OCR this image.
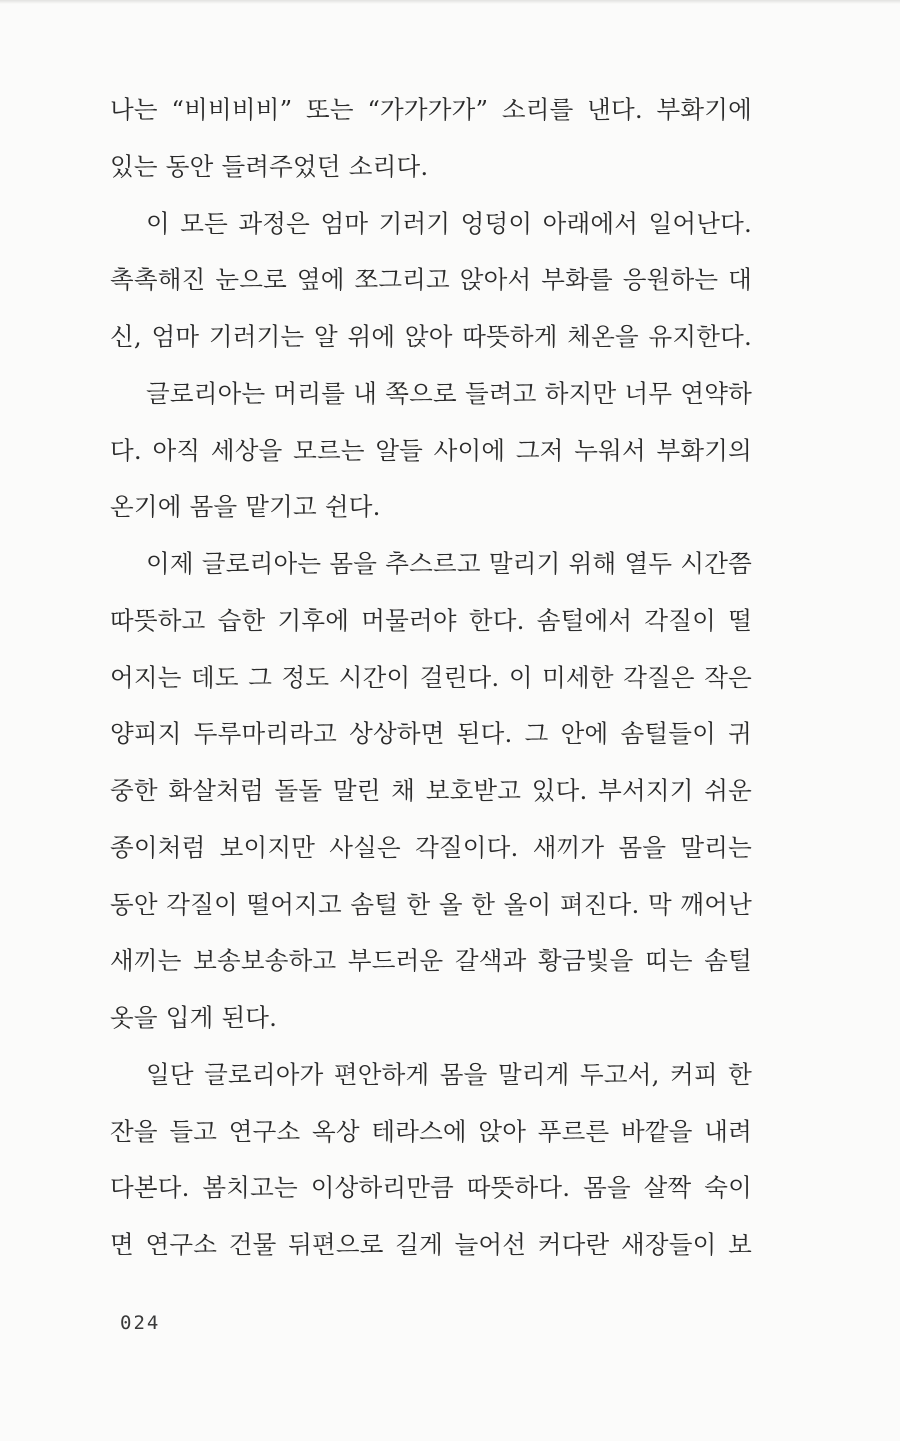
나는 “비비비비” 또는 “가가가가” 소리를 낸다. 부화기에
있는 동안 들려주었던 소리다.
이 모든 과정은 엄마 기러기 엉덩이 아래에서 일어난다.
촉촉해진 눈으로 옆에 쪼그리고 앉아서 부화를 응원하는 대
신, 엄마 기러기는 알 위에 앉아 따뜻하게 체온을 유지한다.
글로리아는 머리를 내 쪽으로 들려고 하지만 너무 연약하
다. 아직 세상을 모르는 알들 사이에 그저 누워서 부화기의
온기에 몸을 맡기고 쉰다.
이제 글로리아는 몸을 추스르고 말리기 위해 열두 시간쯤
따뜻하고 습한 기후에 머물러야 한다. 솜털에서 각질이 떨
어지는 데도 그 정도 시간이 걸린다. 이 미세한 각질은 작은
양피지 두루마리라고 상상하면 된다. 그 안에 솜털들이 귀
중한 화살처럼 돌돌 말린 채 보호받고 있다. 부서지기 쉬운
종이처럼 보이지만 사실은 각질이다. 새끼가 몸을 말리는
동안 각질이 떨어지고 솜털 한 올 한 올이 펴진다. 막 깨어난
새끼는 보송보송하고 부드러운 갈색과 황금빛을 띠는 솜털
옷을 입게 된다.
일단 글로리아가 편안하게 몸을 말리게 두고서, 커피 한
잔을 들고 연구소 옥상 테라스에 앉아 푸르른 바깥을 내려
다본다. 봄치고는 이상하리만큼 따뜻하다. 몸을 살짝 숙이
면 연구소 건물 뒤편으로 길게 늘어선 커다란 새장들이 보
024
